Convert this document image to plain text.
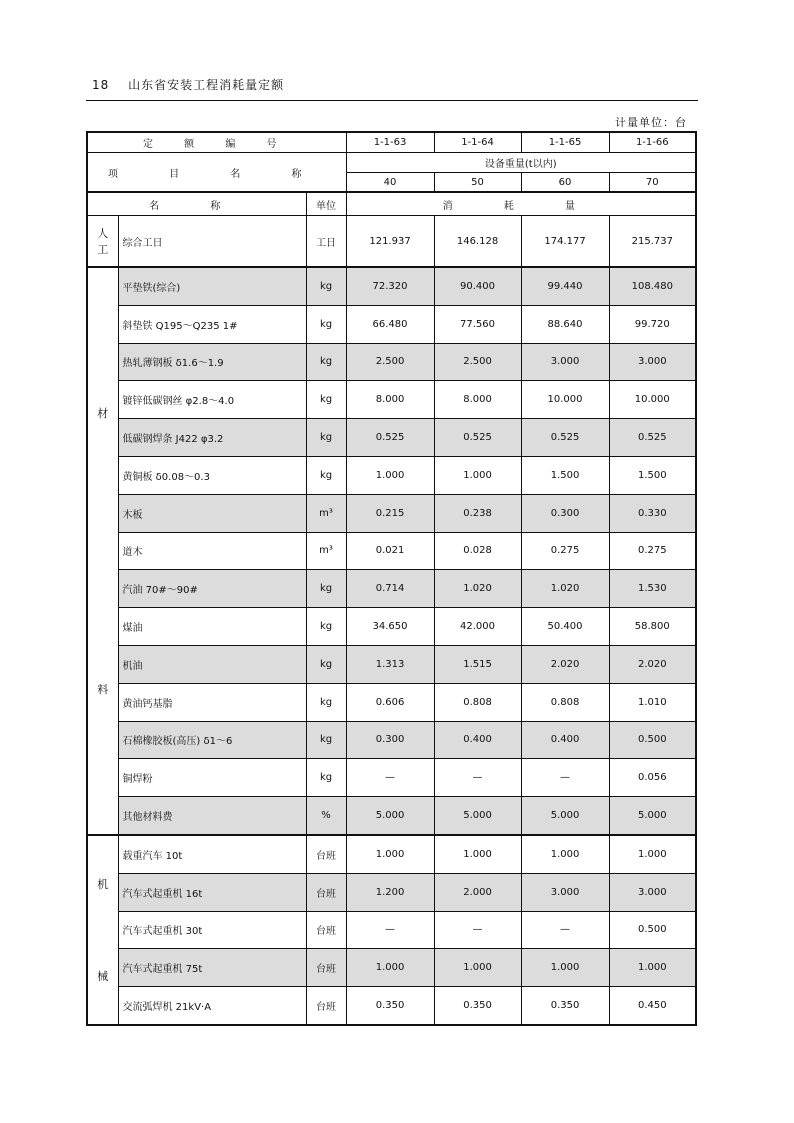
18 山东省安装工程消耗量定额
计量单位：台
定 额 编 号			1-1-63	1-1-64	1-1-65	1-1-66
项 目 名 称			设备重量(t以内)			
			40	50	60	70
名 称		单位	消 耗 量			

人
工	综合工日	工日	121.937	146.128	174.177	215.737

材
料	平垫铁(综合)	kg	72.320	90.400	99.440	108.480
	斜垫铁 Q195～Q235 1#	kg	66.480	77.560	88.640	99.720
	热轧薄钢板 δ1.6～1.9	kg	2.500	2.500	3.000	3.000
	镀锌低碳钢丝 φ2.8～4.0	kg	8.000	8.000	10.000	10.000
	低碳钢焊条 J422 φ3.2	kg	0.525	0.525	0.525	0.525
	黄铜板 δ0.08～0.3	kg	1.000	1.000	1.500	1.500
	木板	m³	0.215	0.238	0.300	0.330
	道木	m³	0.021	0.028	0.275	0.275
	汽油 70#～90#	kg	0.714	1.020	1.020	1.530
	煤油	kg	34.650	42.000	50.400	58.800
	机油	kg	1.313	1.515	2.020	2.020
	黄油钙基脂	kg	0.606	0.808	0.808	1.010
	石棉橡胶板(高压) δ1～6	kg	0.300	0.400	0.400	0.500
	铜焊粉	kg	—	—	—	0.056
	其他材料费	%	5.000	5.000	5.000	5.000

机
械	载重汽车 10t	台班	1.000	1.000	1.000	1.000
	汽车式起重机 16t	台班	1.200	2.000	3.000	3.000
	汽车式起重机 30t	台班	—	—	—	0.500
	汽车式起重机 75t	台班	1.000	1.000	1.000	1.000
	交流弧焊机 21kV·A	台班	0.350	0.350	0.350	0.450
